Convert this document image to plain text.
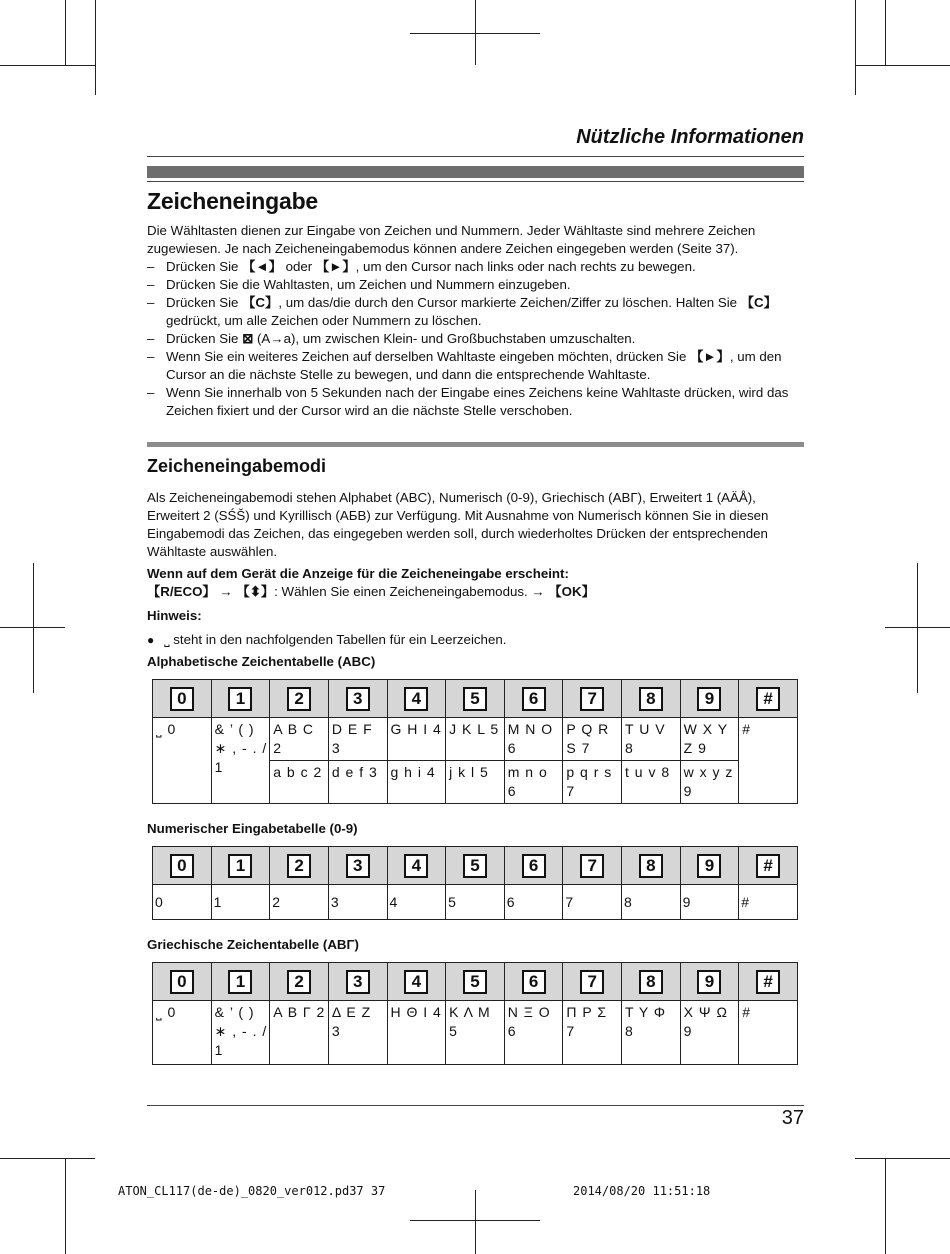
Nützliche Informationen
Zeicheneingabe

Die Wähltasten dienen zur Eingabe von Zeichen und Nummern. Jeder Wähltaste sind mehrere Zeichen zugewiesen. Je nach Zeicheneingabemodus können andere Zeichen eingegeben werden (Seite 37).

– Drücken Sie 【◄】 oder 【►】, um den Cursor nach links oder nach rechts zu bewegen.
– Drücken Sie die Wahltasten, um Zeichen und Nummern einzugeben.
– Drücken Sie 【C】, um das/die durch den Cursor markierte Zeichen/Ziffer zu löschen. Halten Sie 【C】 gedrückt, um alle Zeichen oder Nummern zu löschen.
– Drücken Sie ⊠ (A→a), um zwischen Klein- und Großbuchstaben umzuschalten.
– Wenn Sie ein weiteres Zeichen auf derselben Wahltaste eingeben möchten, drücken Sie 【►】, um den Cursor an die nächste Stelle zu bewegen, und dann die entsprechende Wahltaste.
– Wenn Sie innerhalb von 5 Sekunden nach der Eingabe eines Zeichens keine Wahltaste drücken, wird das Zeichen fixiert und der Cursor wird an die nächste Stelle verschoben.
Zeicheneingabemodi

Als Zeicheneingabemodi stehen Alphabet (ABC), Numerisch (0-9), Griechisch (ΑΒΓ), Erweitert 1 (AÄÅ), Erweitert 2 (SŚŠ) und Kyrillisch (АБВ) zur Verfügung. Mit Ausnahme von Numerisch können Sie in diesen Eingabemodi das Zeichen, das eingegeben werden soll, durch wiederholtes Drücken der entsprechenden Wähltaste auswählen.

Wenn auf dem Gerät die Anzeige für die Zeicheneingabe erscheint:

【R/ECO】 → 【⬍】: Wählen Sie einen Zeicheneingabemodus. → 【OK】

Hinweis:

● ⎵ steht in den nachfolgenden Tabellen für ein Leerzeichen.

Alphabetische Zeichentabelle (ABC)

0	1	2	3	4	5	6	7	8	9	#
⎵ 0	& ’ ( ) ∗ , - . / 1	A B C 2	D E F 3	G H I 4	J K L 5	M N O 6	P Q R S 7	T U V 8	W X Y Z 9	#
		a b c 2	d e f 3	g h i 4	j k l 5	m n o 6	p q r s 7	t u v 8	w x y z 9	

Numerischer Eingabetabelle (0-9)

0	1	2	3	4	5	6	7	8	9	#
0	1	2	3	4	5	6	7	8	9	#

Griechische Zeichentabelle (ΑΒΓ)

0	1	2	3	4	5	6	7	8	9	#
⎵ 0	& ’ ( ) ∗ , - . / 1	Α Β Γ 2	Δ Ε Ζ 3	Η Θ Ι 4	Κ Λ Μ 5	Ν Ξ Ο 6	Π Ρ Σ 7	Τ Υ Φ 8	Χ Ψ Ω 9	#
37
ATON_CL117(de-de)_0820_ver012.pd37 37	2014/08/20 11:51:18
